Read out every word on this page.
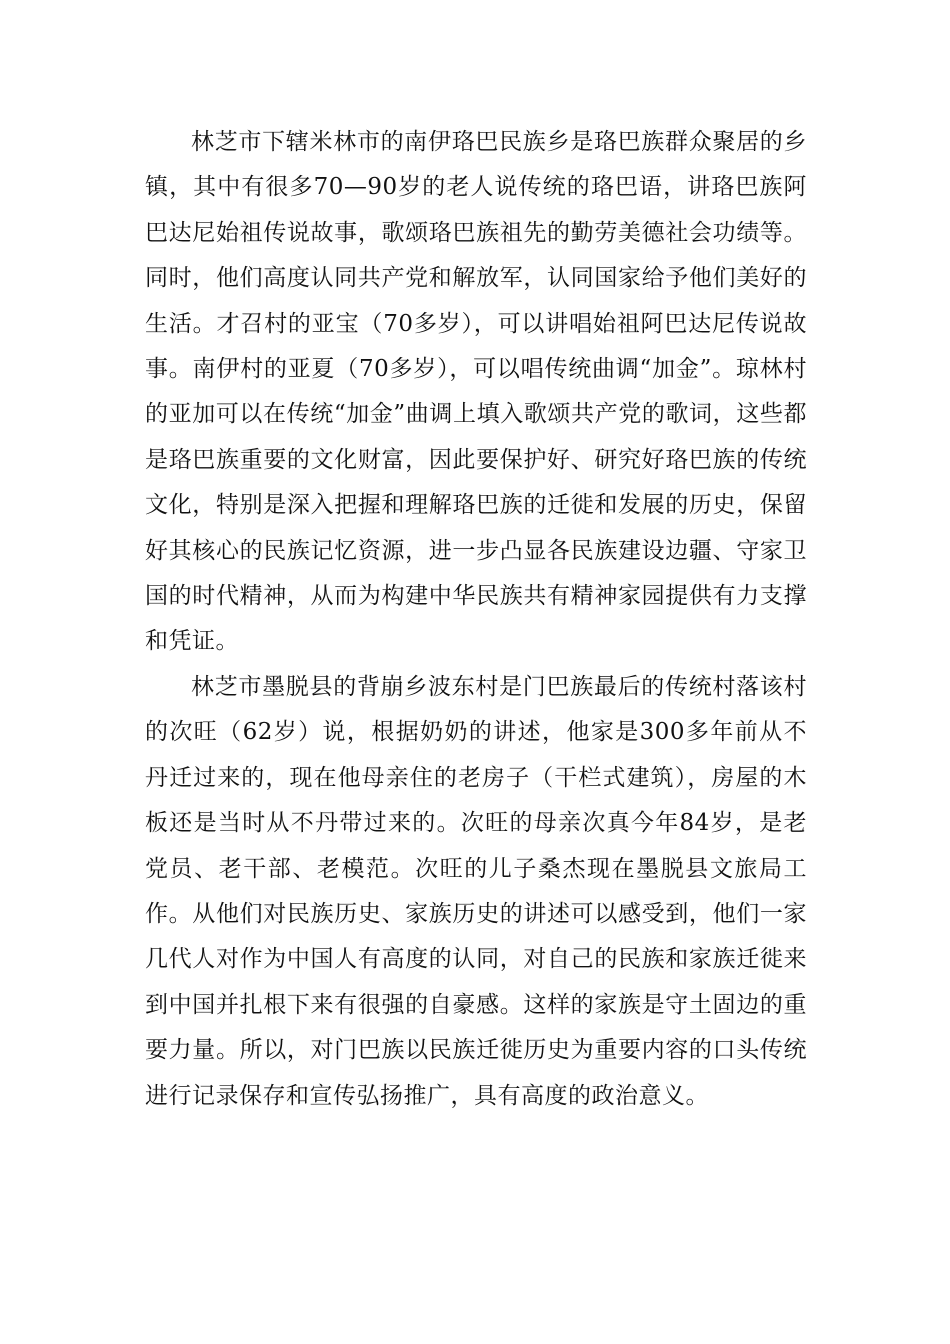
林芝市下辖米林市的南伊珞巴民族乡是珞巴族群众聚居的乡镇，其中有很多70—90岁的老人说传统的珞巴语，讲珞巴族阿巴达尼始祖传说故事，歌颂珞巴族祖先的勤劳美德社会功绩等。同时，他们高度认同共产党和解放军，认同国家给予他们美好的生活。才召村的亚宝（70多岁），可以讲唱始祖阿巴达尼传说故事。南伊村的亚夏（70多岁），可以唱传统曲调“加金”。琼林村的亚加可以在传统“加金”曲调上填入歌颂共产党的歌词，这些都是珞巴族重要的文化财富，因此要保护好、研究好珞巴族的传统文化，特别是深入把握和理解珞巴族的迁徙和发展的历史，保留好其核心的民族记忆资源，进一步凸显各民族建设边疆、守家卫国的时代精神，从而为构建中华民族共有精神家园提供有力支撑和凭证。

林芝市墨脱县的背崩乡波东村是门巴族最后的传统村落该村的次旺（62岁）说，根据奶奶的讲述，他家是300多年前从不丹迁过来的，现在他母亲住的老房子（干栏式建筑），房屋的木板还是当时从不丹带过来的。次旺的母亲次真今年84岁，是老党员、老干部、老模范。次旺的儿子桑杰现在墨脱县文旅局工作。从他们对民族历史、家族历史的讲述可以感受到，他们一家几代人对作为中国人有高度的认同，对自己的民族和家族迁徙来到中国并扎根下来有很强的自豪感。这样的家族是守土固边的重要力量。所以，对门巴族以民族迁徙历史为重要内容的口头传统进行记录保存和宣传弘扬推广，具有高度的政治意义。
